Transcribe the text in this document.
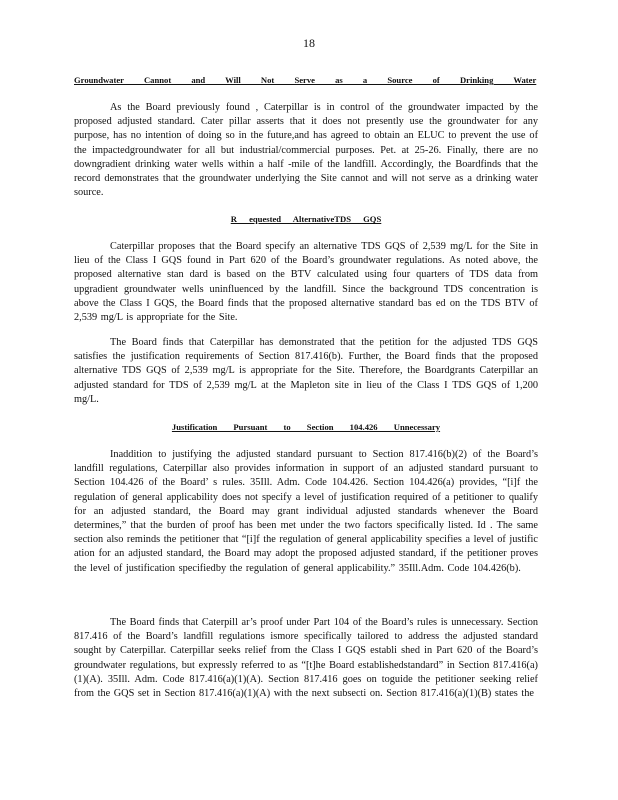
18
Groundwater Cannot and Will Not Serve as a Source of Drinking Water

As the Board previously found , Caterpillar is in control of the groundwater impacted by the proposed adjusted standard. Cater pillar asserts that it does not presently use the groundwater for any purpose, has no intention of doing so in the future,and has agreed to obtain an ELUC to prevent the use of the impactedgroundwater for all but industrial/commercial purposes. Pet. at 25-26. Finally, there are no downgradient drinking water wells within a half -mile of the landfill. Accordingly, the Boardfinds that the record demonstrates that the groundwater underlying the Site cannot and will not serve as a drinking water source.

R equested AlternativeTDS GQS

Caterpillar proposes that the Board specify an alternative TDS GQS of 2,539 mg/L for the Site in lieu of the Class I GQS found in Part 620 of the Board’s groundwater regulations. As noted above, the proposed alternative stan dard is based on the BTV calculated using four quarters of TDS data from upgradient groundwater wells uninfluenced by the landfill. Since the background TDS concentration is above the Class I GQS, the Board finds that the proposed alternative standard bas ed on the TDS BTV of 2,539 mg/L is appropriate for the Site.

The Board finds that Caterpillar has demonstrated that the petition for the adjusted TDS GQS satisfies the justification requirements of Section 817.416(b). Further, the Board finds that the proposed alternative TDS GQS of 2,539 mg/L is appropriate for the Site. Therefore, the Boardgrants Caterpillar an adjusted standard for TDS of 2,539 mg/L at the Mapleton site in lieu of the Class I TDS GQS of 1,200 mg/L.

Justification Pursuant to Section 104.426 Unnecessary

Inaddition to justifying the adjusted standard pursuant to Section 817.416(b)(2) of the Board’s landfill regulations, Caterpillar also provides information in support of an adjusted standard pursuant to Section 104.426 of the Board’ s rules. 35Ill. Adm. Code 104.426. Section 104.426(a) provides, “[i]f the regulation of general applicability does not specify a level of justification required of a petitioner to qualify for an adjusted standard, the Board may grant individual adjusted standards whenever the Board determines,” that the burden of proof has been met under the two factors specifically listed. Id . The same section also reminds the petitioner that “[i]f the regulation of general applicability specifies a level of justific ation for an adjusted standard, the Board may adopt the proposed adjusted standard, if the petitioner proves the level of justification specifiedby the regulation of general applicability.” 35Ill.Adm. Code 104.426(b).

The Board finds that Caterpill ar’s proof under Part 104 of the Board’s rules is unnecessary. Section 817.416 of the Board’s landfill regulations ismore specifically tailored to address the adjusted standard sought by Caterpillar. Caterpillar seeks relief from the Class I GQS establi shed in Part 620 of the Board’s groundwater regulations, but expressly referred to as “[t]he Board establishedstandard” in Section 817.416(a)(1)(A). 35Ill. Adm. Code 817.416(a)(1)(A). Section 817.416 goes on toguide the petitioner seeking relief from the GQS set in Section 817.416(a)(1)(A) with the next subsecti on. Section 817.416(a)(1)(B) states the
